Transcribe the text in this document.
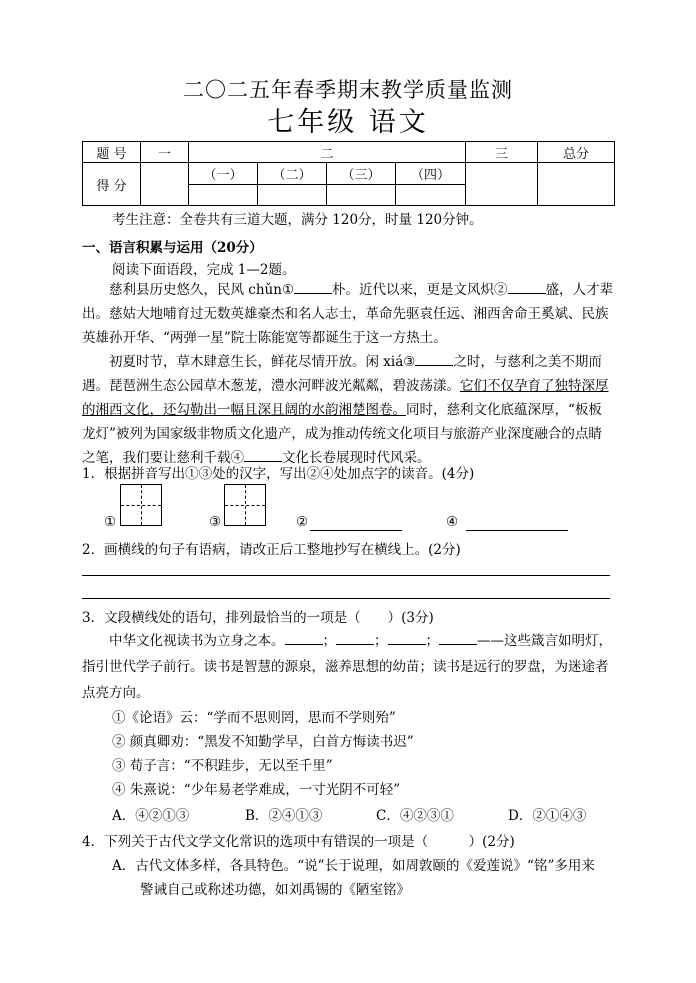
二〇二五年春季期末教学质量监测
七年级 语文
题 号	一	二				三	总分
得 分		（一）	（二）	（三）	（四）		

考生注意：全卷共有三道大题，满分 120分，时量 120分钟。
一、语言积累与运用（20分）
阅读下面语段，完成 1—2题。
慈利县历史悠久，民风 chǔn①	朴。近代以来，更是文风炽②	盛，人才辈出。慈姑大地哺育过无数英雄豪杰和名人志士，革命先驱袁任远、湘西舍命王奚斌、民族英雄孙开华、“两弹一星”院士陈能宽等都诞生于这一方热土。
初夏时节，草木肆意生长，鲜花尽情开放。闲 xiá③	之时，与慈利之美不期而遇。琵琶洲生态公园草木葱茏，澧水河畔波光粼粼，碧波荡漾。它们不仅孕育了独特深厚的湘西文化，还勾勒出一幅且深且阔的水韵湘楚图卷。同时，慈利文化底蕴深厚，“板板龙灯”被列为国家级非物质文化遗产，成为推动传统文化项目与旅游产业深度融合的点睛之笔，我们要让慈利千载④	文化长卷展现时代风采。
1．根据拼音写出①③处的汉字，写出②④处加点字的读音。(4分)
①	③	②	④
2．画横线的句子有语病，请改正后工整地抄写在横线上。(2分)
3．文段横线处的语句，排列最恰当的一项是（　　）(3分)
中华文化视读书为立身之本。	；	；	；	——这些箴言如明灯，指引世代学子前行。读书是智慧的源泉，滋养思想的幼苗；读书是远行的罗盘，为迷途者点亮方向。
①《论语》云：“学而不思则罔，思而不学则殆”
② 颜真卿劝：“黑发不知勤学早，白首方悔读书迟”
③ 荀子言：“不积跬步，无以至千里”
④ 朱熹说：“少年易老学难成，一寸光阴不可轻”
A．④②①③	B．②④①③	C．④②③①	D．②①④③
4．下列关于古代文学文化常识的选项中有错误的一项是（　　　）(2分)
A．古代文体多样，各具特色。“说”长于说理，如周敦颐的《爱莲说》“铭”多用来
警诫自己或称述功德，如刘禹锡的《陋室铭》
